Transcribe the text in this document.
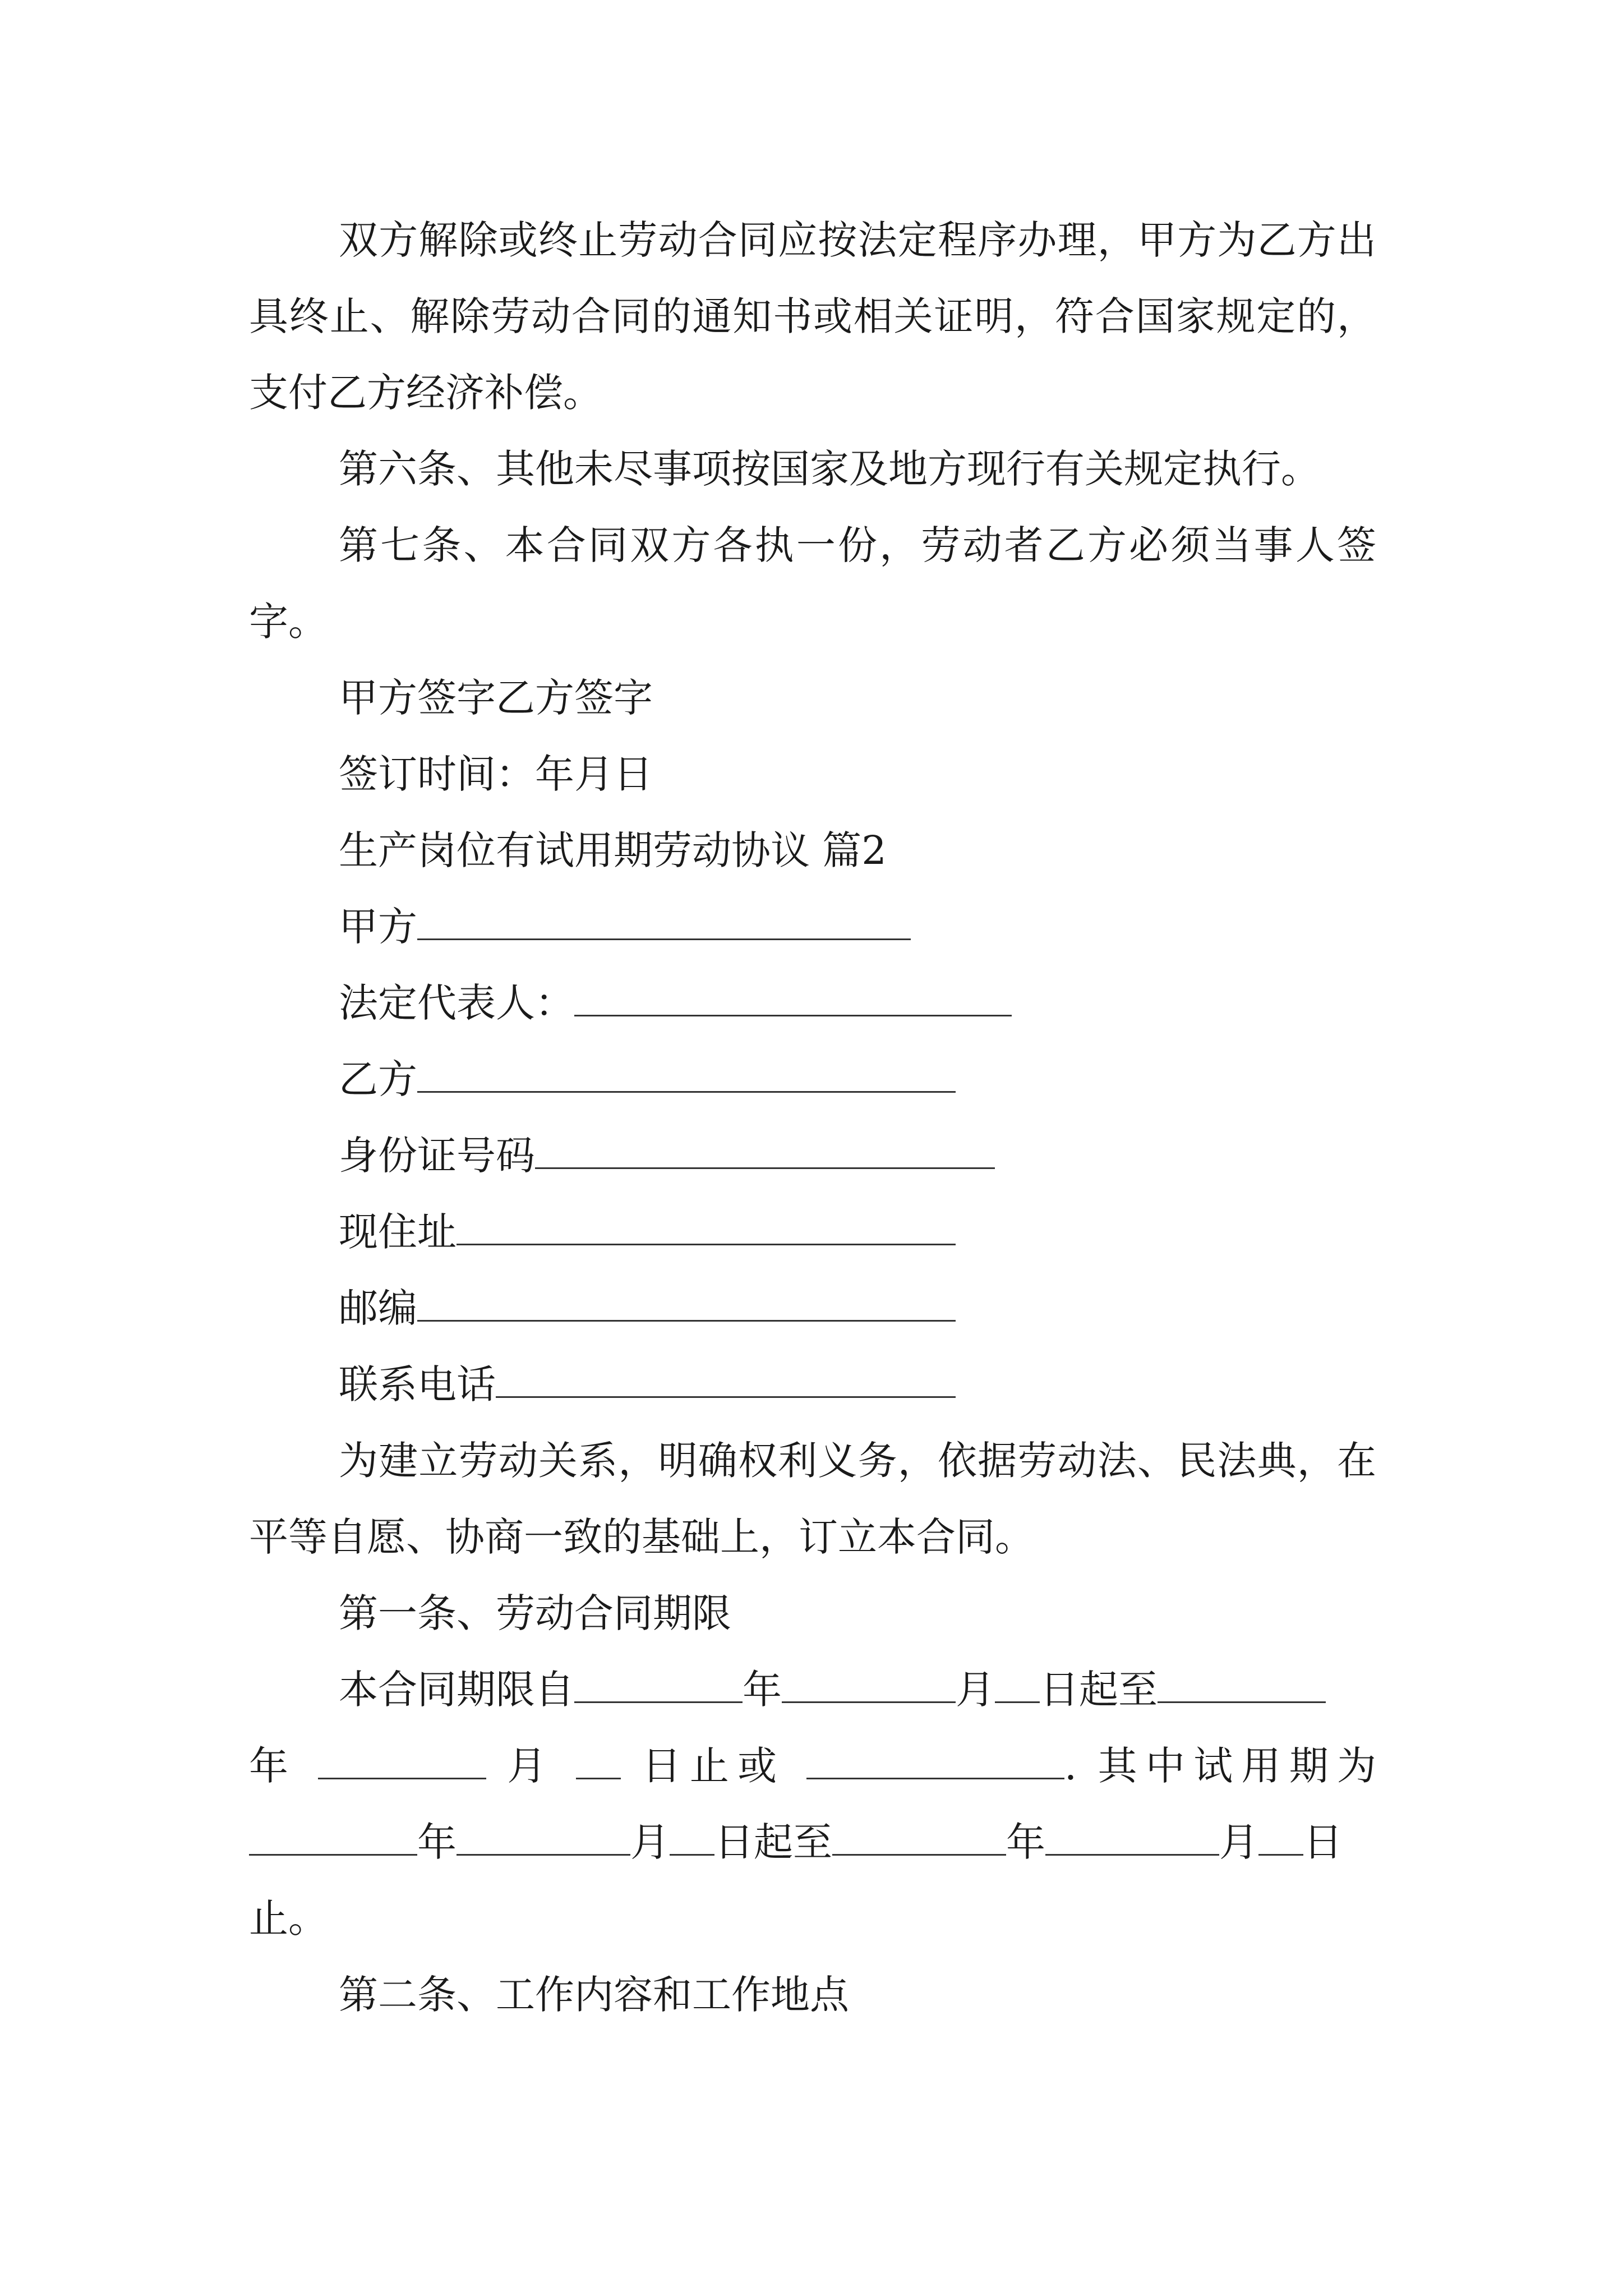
双方解除或终止劳动合同应按法定程序办理，甲方为乙方出具终止、解除劳动合同的通知书或相关证明，符合国家规定的，支付乙方经济补偿。

第六条、其他未尽事项按国家及地方现行有关规定执行。

第七条、本合同双方各执一份，劳动者乙方必须当事人签字。

甲方签字乙方签字

签订时间：年月日

生产岗位有试用期劳动协议 篇2

甲方

法定代表人：

乙方

身份证号码

现住址

邮编

联系电话

为建立劳动关系，明确权利义务，依据劳动法、民法典，在平等自愿、协商一致的基础上，订立本合同。

第一条、劳动合同期限

本合同期限自	年	月 日起至

年	月 日止或	. 其中试用期为

年	月 日起至	年	月 日

止。

第二条、工作内容和工作地点
